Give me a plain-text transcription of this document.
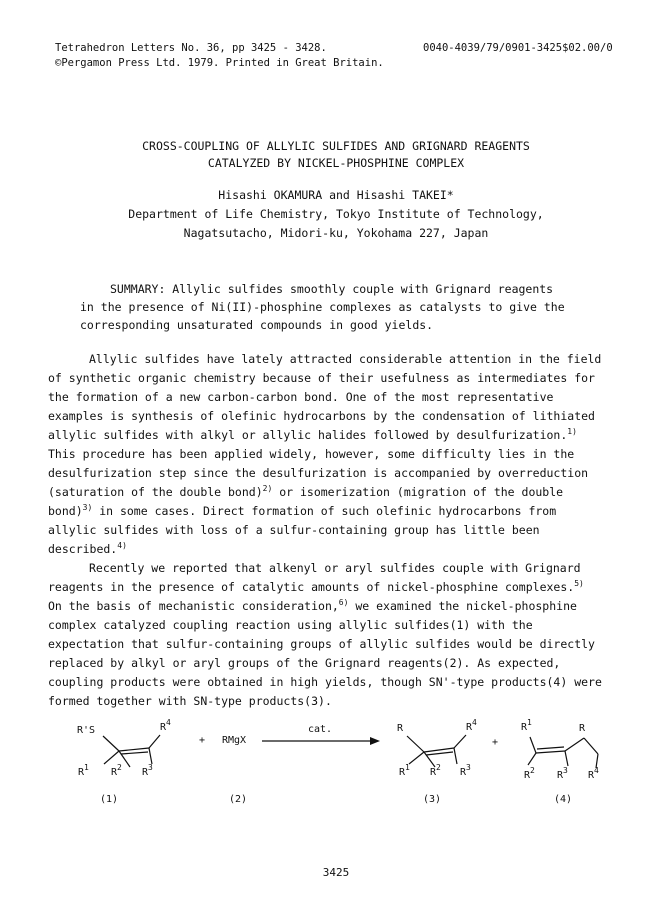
Tetrahedron Letters No. 36, pp 3425 - 3428.
©Pergamon Press Ltd. 1979. Printed in Great Britain.
0040-4039/79/0901-3425$02.00/0
CROSS-COUPLING OF ALLYLIC SULFIDES AND GRIGNARD REAGENTS
CATALYZED BY NICKEL-PHOSPHINE COMPLEX
Hisashi OKAMURA and Hisashi TAKEI*
Department of Life Chemistry, Tokyo Institute of Technology,
Nagatsutacho, Midori-ku, Yokohama 227, Japan
SUMMARY: Allylic sulfides smoothly couple with Grignard reagents
in the presence of Ni(II)-phosphine complexes as catalysts to give the
corresponding unsaturated compounds in good yields.
Allylic sulfides have lately attracted considerable attention in the field
of synthetic organic chemistry because of their usefulness as intermediates for
the formation of a new carbon-carbon bond. One of the most representative
examples is synthesis of olefinic hydrocarbons by the condensation of lithiated
allylic sulfides with alkyl or allylic halides followed by desulfurization.$^{1)}$
This procedure has been applied widely, however, some difficulty lies in the
desulfurization step since the desulfurization is accompanied by overreduction
(saturation of the double bond)$^{2)}$ or isomerization (migration of the double
bond)$^{3)}$ in some cases. Direct formation of such olefinic hydrocarbons from
allylic sulfides with loss of a sulfur-containing group has little been
described.$^{4)}$
Recently we reported that alkenyl or aryl sulfides couple with Grignard
reagents in the presence of catalytic amounts of nickel-phosphine complexes.$^{5)}$
On the basis of mechanistic consideration,$^{6)}$ we examined the nickel-phosphine
complex catalyzed coupling reaction using allylic sulfides(1) with the
expectation that sulfur-containing groups of allylic sulfides would be directly
replaced by alkyl or aryl groups of the Grignard reagents(2). As expected,
coupling products were obtained in high yields, though SN'-type products(4) were
formed together with SN-type products(3).
R'S	$R^4$
$R^1$ $R^2$ $R^3$
(1)
+ RMgX
(2)
cat.	R	$R^4$
$R^1$ $R^2$ $R^3$
(3)
+
$R^1$
R
$R^2$ $R^3$ $R^4$
(4)
3425
